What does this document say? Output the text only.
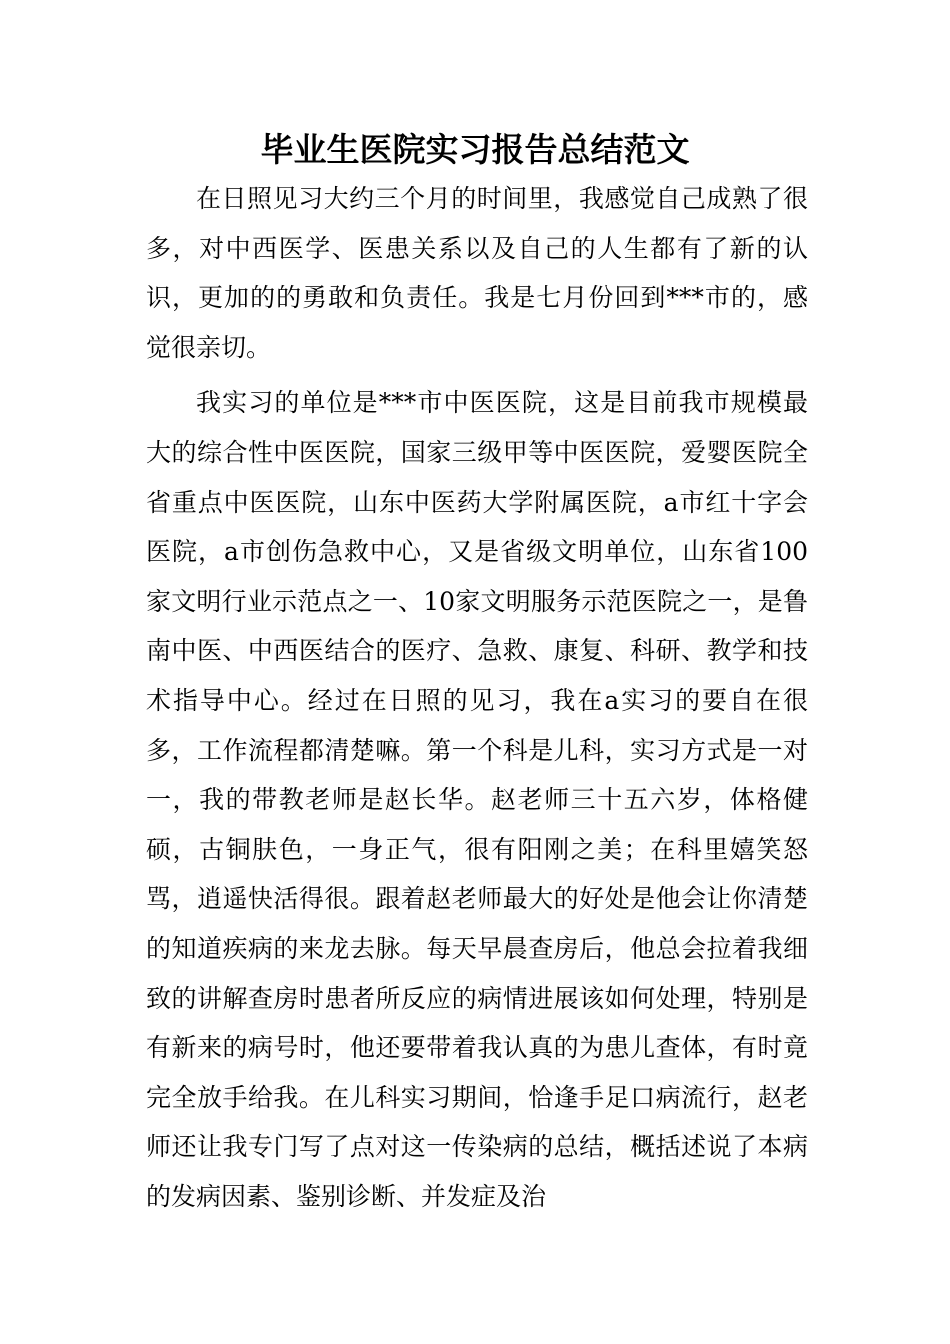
毕业生医院实习报告总结范文

在日照见习大约三个月的时间里，我感觉自己成熟了很多，对中西医学、医患关系以及自己的人生都有了新的认识，更加的的勇敢和负责任。我是七月份回到***市的，感觉很亲切。

我实习的单位是***市中医医院，这是目前我市规模最大的综合性中医医院，国家三级甲等中医医院，爱婴医院全省重点中医医院，山东中医药大学附属医院，a市红十字会医院，a市创伤急救中心，又是省级文明单位，山东省100家文明行业示范点之一、10家文明服务示范医院之一，是鲁南中医、中西医结合的医疗、急救、康复、科研、教学和技术指导中心。经过在日照的见习，我在a实习的要自在很多，工作流程都清楚嘛。第一个科是儿科，实习方式是一对一，我的带教老师是赵长华。赵老师三十五六岁，体格健硕，古铜肤色，一身正气，很有阳刚之美；在科里嬉笑怒骂，逍遥快活得很。跟着赵老师最大的好处是他会让你清楚的知道疾病的来龙去脉。每天早晨查房后，他总会拉着我细致的讲解查房时患者所反应的病情进展该如何处理，特别是有新来的病号时，他还要带着我认真的为患儿查体，有时竟完全放手给我。在儿科实习期间，恰逢手足口病流行，赵老师还让我专门写了点对这一传染病的总结，概括述说了本病的发病因素、鉴别诊断、并发症及治
